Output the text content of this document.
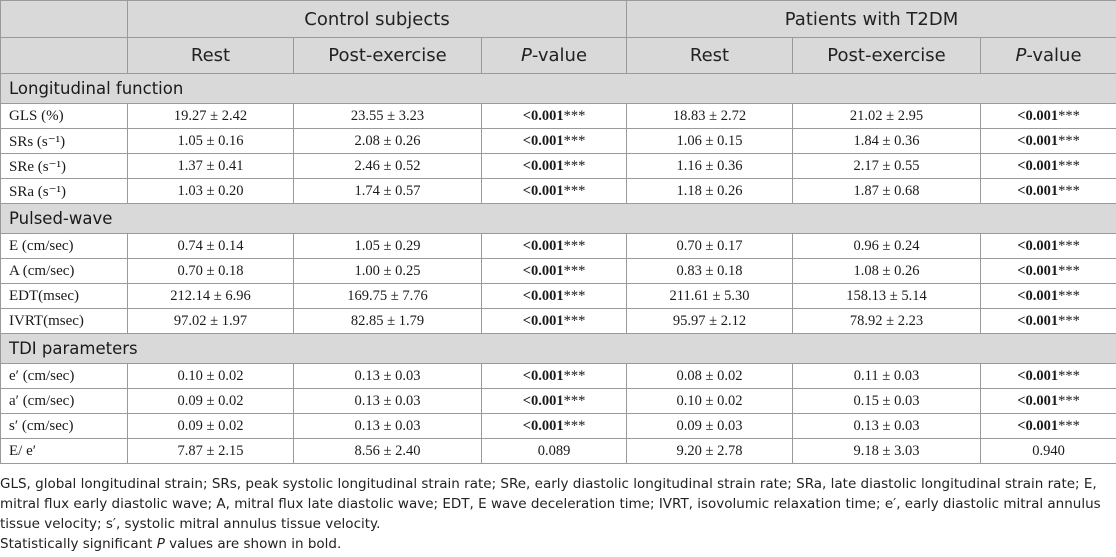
	Control subjects			Patients with T2DM		
	Rest	Post-exercise	P-value	Rest	Post-exercise	P-value
Longitudinal function						
GLS (%)	19.27 ± 2.42	23.55 ± 3.23	<0.001***	18.83 ± 2.72	21.02 ± 2.95	<0.001***
SRs (s⁻¹)	1.05 ± 0.16	2.08 ± 0.26	<0.001***	1.06 ± 0.15	1.84 ± 0.36	<0.001***
SRe (s⁻¹)	1.37 ± 0.41	2.46 ± 0.52	<0.001***	1.16 ± 0.36	2.17 ± 0.55	<0.001***
SRa (s⁻¹)	1.03 ± 0.20	1.74 ± 0.57	<0.001***	1.18 ± 0.26	1.87 ± 0.68	<0.001***
Pulsed-wave						
E (cm/sec)	0.74 ± 0.14	1.05 ± 0.29	<0.001***	0.70 ± 0.17	0.96 ± 0.24	<0.001***
A (cm/sec)	0.70 ± 0.18	1.00 ± 0.25	<0.001***	0.83 ± 0.18	1.08 ± 0.26	<0.001***
EDT(msec)	212.14 ± 6.96	169.75 ± 7.76	<0.001***	211.61 ± 5.30	158.13 ± 5.14	<0.001***
IVRT(msec)	97.02 ± 1.97	82.85 ± 1.79	<0.001***	95.97 ± 2.12	78.92 ± 2.23	<0.001***
TDI parameters						
e′ (cm/sec)	0.10 ± 0.02	0.13 ± 0.03	<0.001***	0.08 ± 0.02	0.11 ± 0.03	<0.001***
a′ (cm/sec)	0.09 ± 0.02	0.13 ± 0.03	<0.001***	0.10 ± 0.02	0.15 ± 0.03	<0.001***
s′ (cm/sec)	0.09 ± 0.02	0.13 ± 0.03	<0.001***	0.09 ± 0.03	0.13 ± 0.03	<0.001***
E/ e′	7.87 ± 2.15	8.56 ± 2.40	0.089	9.20 ± 2.78	9.18 ± 3.03	0.940
GLS, global longitudinal strain; SRs, peak systolic longitudinal strain rate; SRe, early diastolic longitudinal strain rate; SRa, late diastolic longitudinal strain rate; E, mitral flux early diastolic wave; A, mitral flux late diastolic wave; EDT, E wave deceleration time; IVRT, isovolumic relaxation time; e′, early diastolic mitral annulus tissue velocity; s′, systolic mitral annulus tissue velocity.
Statistically significant P values are shown in bold.
